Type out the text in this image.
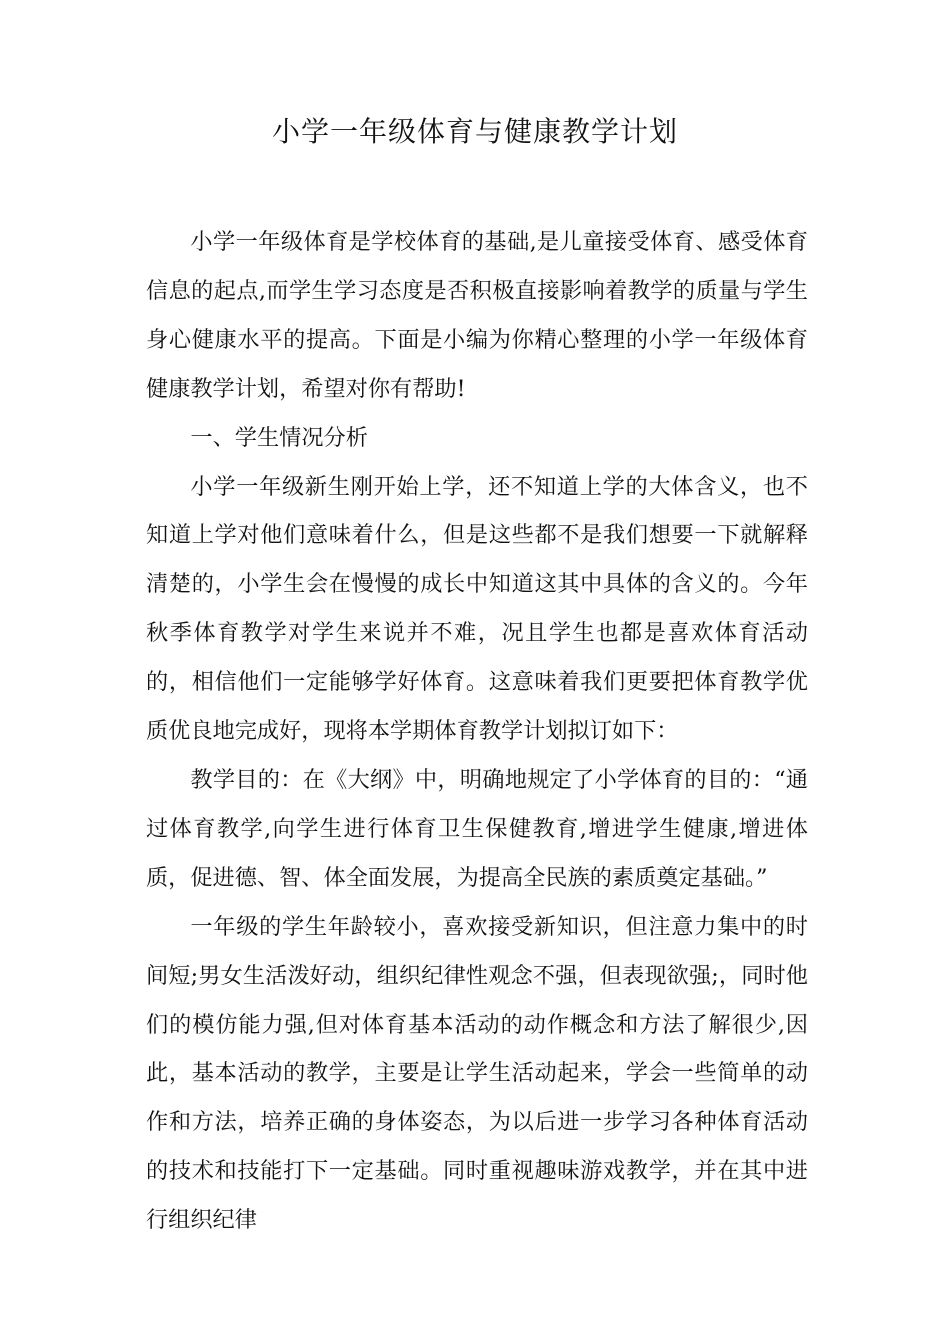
小学一年级体育与健康教学计划

小学一年级体育是学校体育的基础,是儿童接受体育、感受体育信息的起点,而学生学习态度是否积极直接影响着教学的质量与学生身心健康水平的提高。下面是小编为你精心整理的小学一年级体育健康教学计划，希望对你有帮助!

一、学生情况分析

小学一年级新生刚开始上学，还不知道上学的大体含义，也不知道上学对他们意味着什么，但是这些都不是我们想要一下就解释清楚的，小学生会在慢慢的成长中知道这其中具体的含义的。今年秋季体育教学对学生来说并不难，况且学生也都是喜欢体育活动的，相信他们一定能够学好体育。这意味着我们更要把体育教学优质优良地完成好，现将本学期体育教学计划拟订如下：

教学目的：在《大纲》中，明确地规定了小学体育的目的：“通过体育教学,向学生进行体育卫生保健教育,增进学生健康,增进体质，促进德、智、体全面发展，为提高全民族的素质奠定基础。”

一年级的学生年龄较小，喜欢接受新知识，但注意力集中的时间短;男女生活泼好动，组织纪律性观念不强，但表现欲强;，同时他们的模仿能力强,但对体育基本活动的动作概念和方法了解很少,因此，基本活动的教学，主要是让学生活动起来，学会一些简单的动作和方法，培养正确的身体姿态，为以后进一步学习各种体育活动的技术和技能打下一定基础。同时重视趣味游戏教学，并在其中进行组织纪律
